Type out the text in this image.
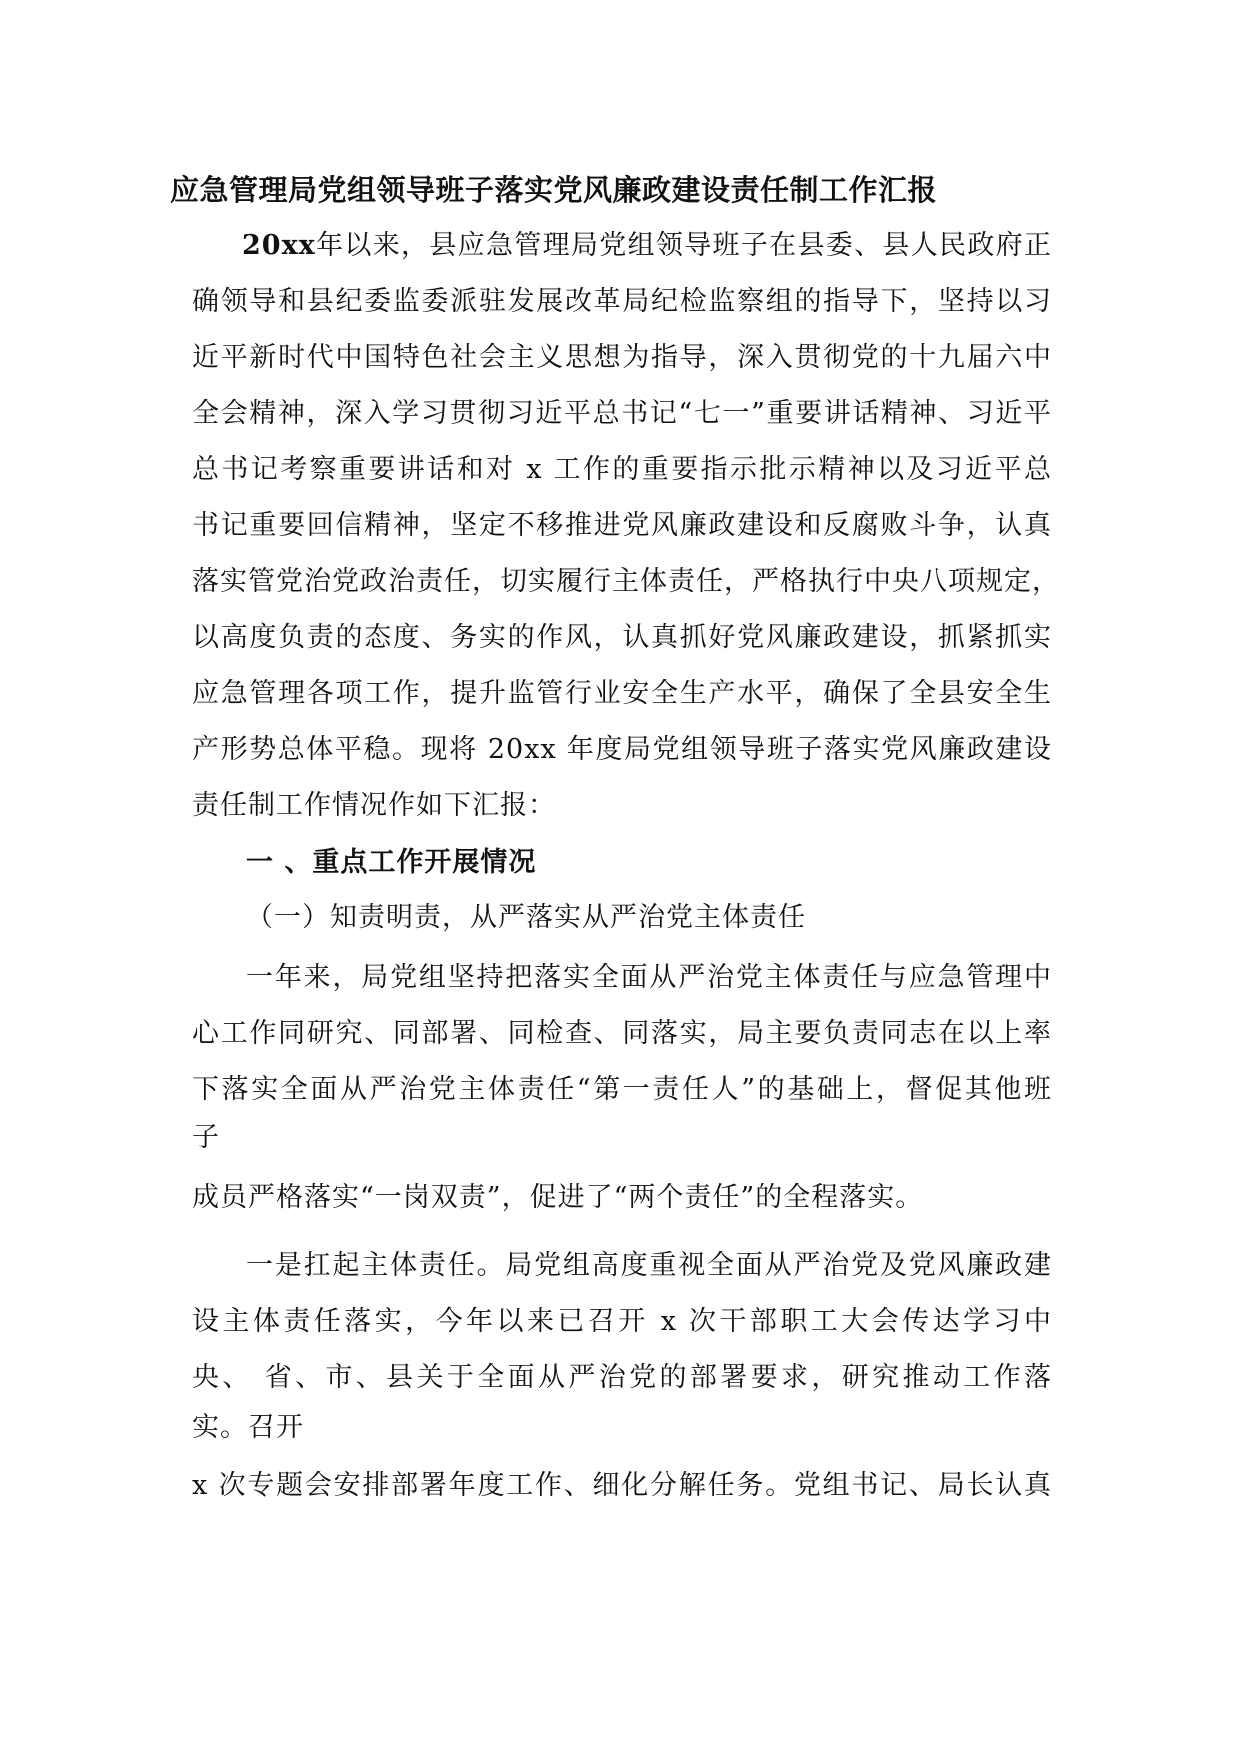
应急管理局党组领导班子落实党风廉政建设责任制工作汇报
20xx年以来，县应急管理局党组领导班子在县委、县人民政府正
确领导和县纪委监委派驻发展改革局纪检监察组的指导下，坚持以习
近平新时代中国特色社会主义思想为指导，深入贯彻党的十九届六中
全会精神，深入学习贯彻习近平总书记“七一”重要讲话精神、习近平
总书记考察重要讲话和对 x 工作的重要指示批示精神以及习近平总
书记重要回信精神，坚定不移推进党风廉政建设和反腐败斗争，认真
落实管党治党政治责任，切实履行主体责任，严格执行中央八项规定，
以高度负责的态度、务实的作风，认真抓好党风廉政建设，抓紧抓实
应急管理各项工作，提升监管行业安全生产水平，确保了全县安全生
产形势总体平稳。现将 20xx 年度局党组领导班子落实党风廉政建设
责任制工作情况作如下汇报：
一 、重点工作开展情况
（一）知责明责，从严落实从严治党主体责任
一年来，局党组坚持把落实全面从严治党主体责任与应急管理中
心工作同研究、同部署、同检查、同落实，局主要负责同志在以上率
下落实全面从严治党主体责任“第一责任人”的基础上，督促其他班
子
成员严格落实“一岗双责”，促进了“两个责任”的全程落实。
一是扛起主体责任。局党组高度重视全面从严治党及党风廉政建
设主体责任落实，今年以来已召开 x 次干部职工大会传达学习中
央、 省、市、县关于全面从严治党的部署要求，研究推动工作落
实。召开
x 次专题会安排部署年度工作、细化分解任务。党组书记、局长认真
